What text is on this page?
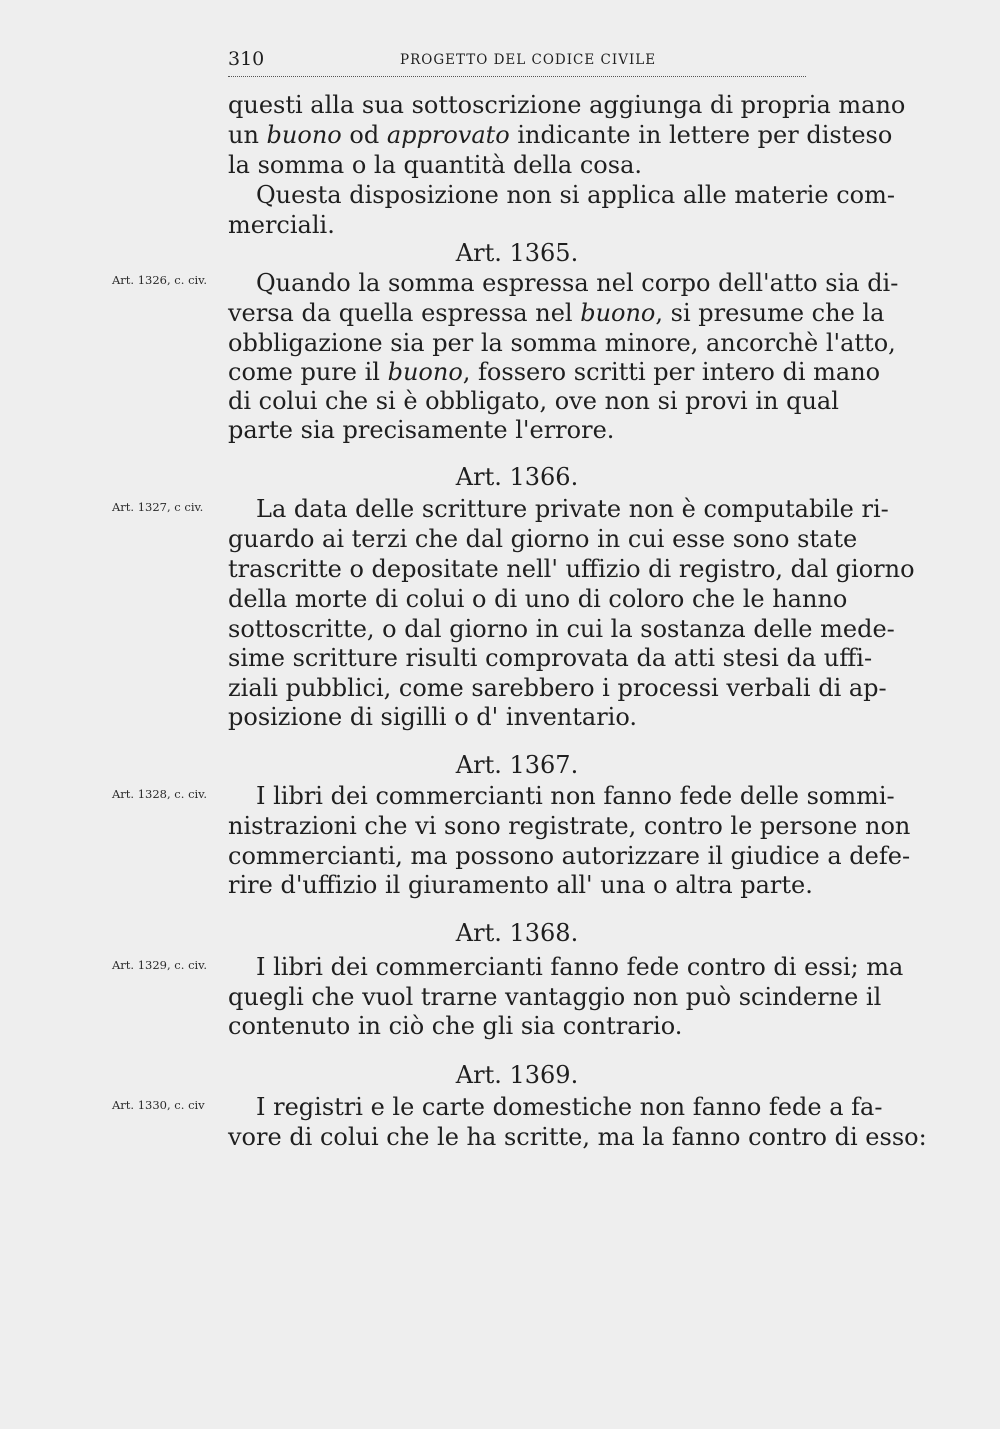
310	PROGETTO DEL CODICE CIVILE
questi alla sua sottoscrizione aggiunga di propria mano
un buono od approvato indicante in lettere per disteso
la somma o la quantità della cosa.
Questa disposizione non si applica alle materie com-
merciali.
Art. 1365.
Art. 1326, c. civ.	Quando la somma espressa nel corpo dell'atto sia di-
versa da quella espressa nel buono, si presume che la
obbligazione sia per la somma minore, ancorchè l'atto,
come pure il buono, fossero scritti per intero di mano
di colui che si è obbligato, ove non si provi in qual
parte sia precisamente l'errore.
Art. 1366.
Art. 1327, c civ.	La data delle scritture private non è computabile ri-
guardo ai terzi che dal giorno in cui esse sono state
trascritte o depositate nell' uffizio di registro, dal giorno
della morte di colui o di uno di coloro che le hanno
sottoscritte, o dal giorno in cui la sostanza delle mede-
sime scritture risulti comprovata da atti stesi da uffi-
ziali pubblici, come sarebbero i processi verbali di ap-
posizione di sigilli o d' inventario.
Art. 1367.
Art. 1328, c. civ.	I libri dei commercianti non fanno fede delle sommi-
nistrazioni che vi sono registrate, contro le persone non
commercianti, ma possono autorizzare il giudice a defe-
rire d'uffizio il giuramento all' una o altra parte.
Art. 1368.
Art. 1329, c. civ.	I libri dei commercianti fanno fede contro di essi; ma
quegli che vuol trarne vantaggio non può scinderne il
contenuto in ciò che gli sia contrario.
Art. 1369.
Art. 1330, c. civ	I registri e le carte domestiche non fanno fede a fa-
vore di colui che le ha scritte, ma la fanno contro di esso:
